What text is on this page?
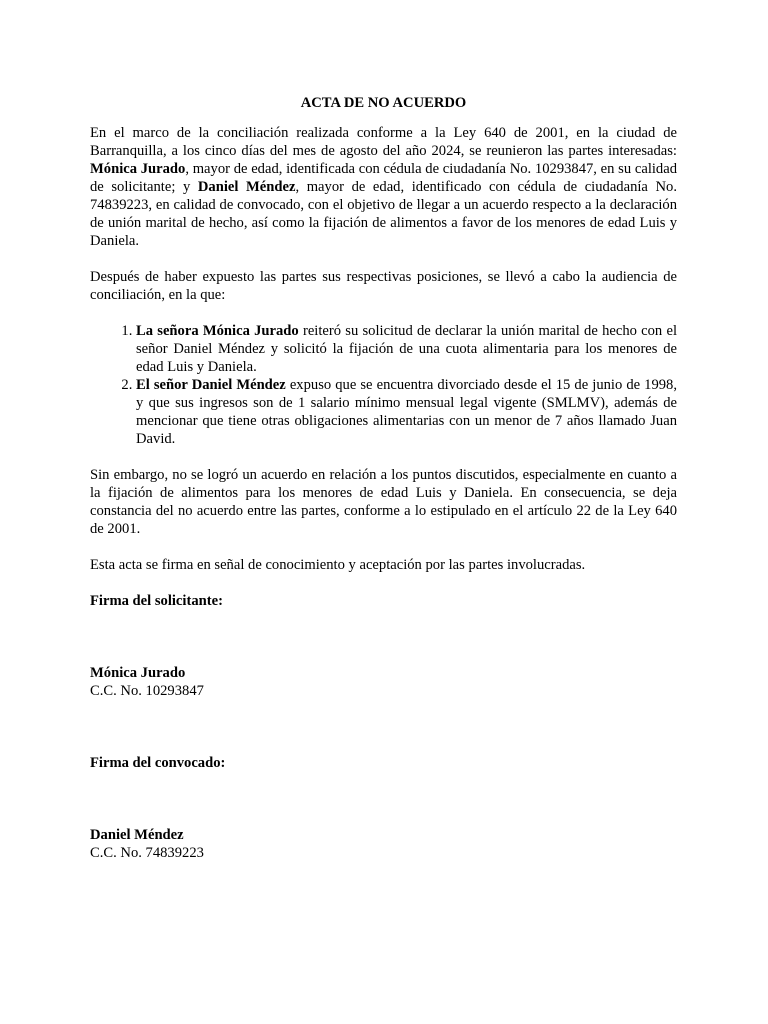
ACTA DE NO ACUERDO

En el marco de la conciliación realizada conforme a la Ley 640 de 2001, en la ciudad de Barranquilla, a los cinco días del mes de agosto del año 2024, se reunieron las partes interesadas: Mónica Jurado, mayor de edad, identificada con cédula de ciudadanía No. 10293847, en su calidad de solicitante; y Daniel Méndez, mayor de edad, identificado con cédula de ciudadanía No. 74839223, en calidad de convocado, con el objetivo de llegar a un acuerdo respecto a la declaración de unión marital de hecho, así como la fijación de alimentos a favor de los menores de edad Luis y Daniela.

Después de haber expuesto las partes sus respectivas posiciones, se llevó a cabo la audiencia de conciliación, en la que:

1. La señora Mónica Jurado reiteró su solicitud de declarar la unión marital de hecho con el señor Daniel Méndez y solicitó la fijación de una cuota alimentaria para los menores de edad Luis y Daniela.
2. El señor Daniel Méndez expuso que se encuentra divorciado desde el 15 de junio de 1998, y que sus ingresos son de 1 salario mínimo mensual legal vigente (SMLMV), además de mencionar que tiene otras obligaciones alimentarias con un menor de 7 años llamado Juan David.

Sin embargo, no se logró un acuerdo en relación a los puntos discutidos, especialmente en cuanto a la fijación de alimentos para los menores de edad Luis y Daniela. En consecuencia, se deja constancia del no acuerdo entre las partes, conforme a lo estipulado en el artículo 22 de la Ley 640 de 2001.

Esta acta se firma en señal de conocimiento y aceptación por las partes involucradas.

Firma del solicitante:

Mónica Jurado

C.C. No. 10293847

Firma del convocado:

Daniel Méndez

C.C. No. 74839223
